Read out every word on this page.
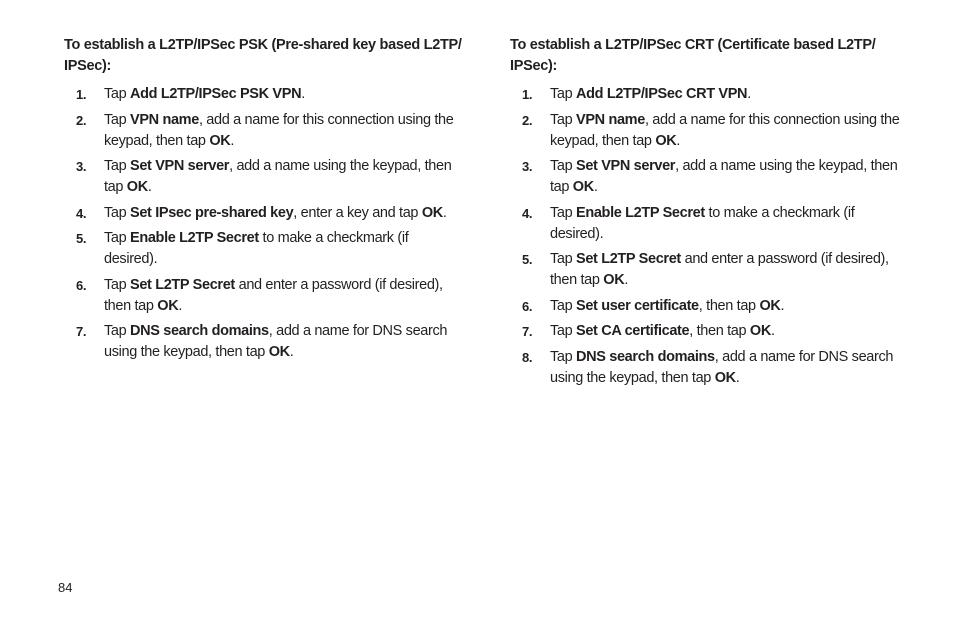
To establish a L2TP/IPSec PSK (Pre-shared key based L2TP/ IPSec):
1. Tap Add L2TP/IPSec PSK VPN.
2. Tap VPN name, add a name for this connection using the keypad, then tap OK.
3. Tap Set VPN server, add a name using the keypad, then tap OK.
4. Tap Set IPsec pre-shared key, enter a key and tap OK.
5. Tap Enable L2TP Secret to make a checkmark (if desired).
6. Tap Set L2TP Secret and enter a password (if desired), then tap OK.
7. Tap DNS search domains, add a name for DNS search using the keypad, then tap OK.
To establish a L2TP/IPSec CRT (Certificate based L2TP/ IPSec):
1. Tap Add L2TP/IPSec CRT VPN.
2. Tap VPN name, add a name for this connection using the keypad, then tap OK.
3. Tap Set VPN server, add a name using the keypad, then tap OK.
4. Tap Enable L2TP Secret to make a checkmark (if desired).
5. Tap Set L2TP Secret and enter a password (if desired), then tap OK.
6. Tap Set user certificate, then tap OK.
7. Tap Set CA certificate, then tap OK.
8. Tap DNS search domains, add a name for DNS search using the keypad, then tap OK.
84
